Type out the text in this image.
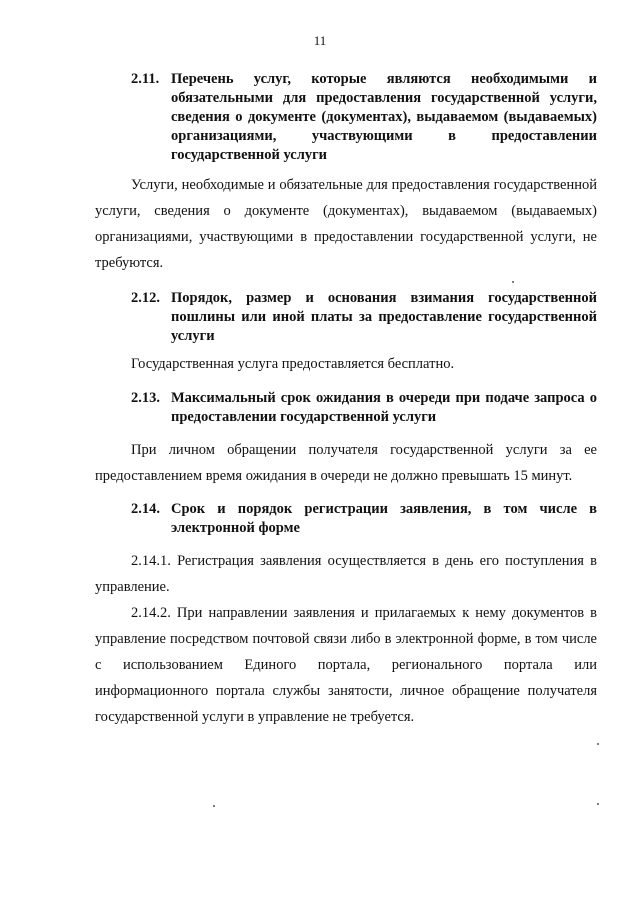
11
2.11. Перечень услуг, которые являются необходимыми и обязательными для предоставления государственной услуги, сведения о документе (документах), выдаваемом (выдаваемых) организациями, участвующими в предоставлении государственной услуги
Услуги, необходимые и обязательные для предоставления государственной услуги, сведения о документе (документах), выдаваемом (выдаваемых) организациями, участвующими в предоставлении государственной услуги, не требуются.
2.12. Порядок, размер и основания взимания государственной пошлины или иной платы за предоставление государственной услуги
Государственная услуга предоставляется бесплатно.
2.13. Максимальный срок ожидания в очереди при подаче запроса о предоставлении государственной услуги
При личном обращении получателя государственной услуги за ее предоставлением время ожидания в очереди не должно превышать 15 минут.
2.14. Срок и порядок регистрации заявления, в том числе в электронной форме
2.14.1. Регистрация заявления осуществляется в день его поступления в управление.
2.14.2. При направлении заявления и прилагаемых к нему документов в управление посредством почтовой связи либо в электронной форме, в том числе с использованием Единого портала, регионального портала или информационного портала службы занятости, личное обращение получателя государственной услуги в управление не требуется.
